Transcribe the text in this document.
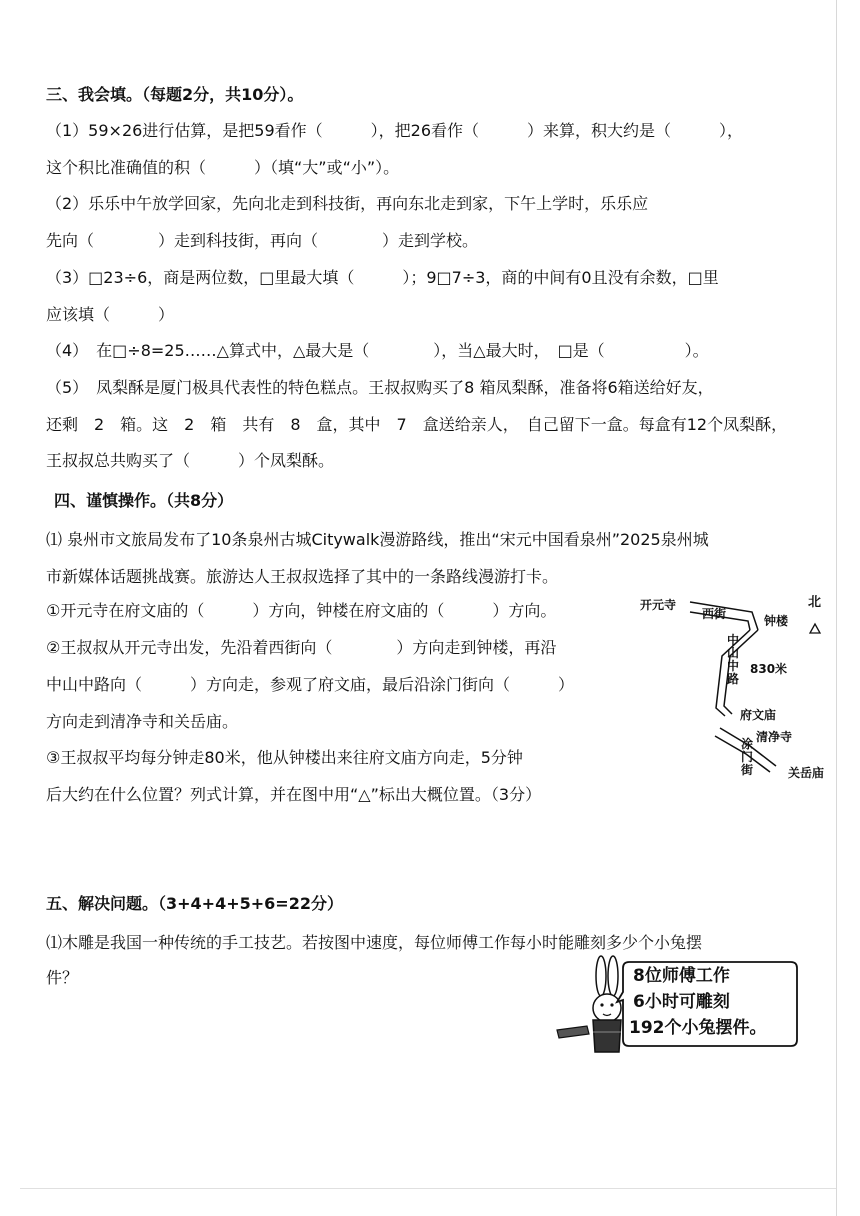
三、我会填。（每题2分，共10分）。
（1）59×26进行估算，是把59看作（　　　），把26看作（　　　）来算，积大约是（　　　），
这个积比准确值的积（　　　）（填“大”或“小”）。
（2）乐乐中午放学回家，先向北走到科技街，再向东北走到家，下午上学时，乐乐应
先向（　　　　）走到科技街，再向（　　　　）走到学校。
（3）□23÷6，商是两位数，□里最大填（　　　）；9□7÷3，商的中间有0且没有余数，□里
应该填（　　　）
（4）　在□÷8=25……△算式中，△最大是（　　　　），当△最大时，　□是（　　　　　）。
（5）　凤梨酥是厦门极具代表性的特色糕点。王叔叔购买了8 箱凤梨酥，准备将6箱送给好友，
还剩　2　箱。这　2　箱　共有　8　盒，其中　7　盒送给亲人，　自己留下一盒。每盒有12个凤梨酥，
王叔叔总共购买了（　　　）个凤梨酥。
四、谨慎操作。（共8分）
⑴ 泉州市文旅局发布了10条泉州古城Citywalk漫游路线，推出“宋元中国看泉州”2025泉州城
市新媒体话题挑战赛。旅游达人王叔叔选择了其中的一条路线漫游打卡。
①开元寺在府文庙的（　　　）方向，钟楼在府文庙的（　　　）方向。
②王叔叔从开元寺出发，先沿着西街向（　　　　）方向走到钟楼，再沿
中山中路向（　　　）方向走，参观了府文庙，最后沿涂门街向（　　　）
方向走到清净寺和关岳庙。
③王叔叔平均每分钟走80米，他从钟楼出来往府文庙方向走，5分钟
后大约在什么位置？列式计算，并在图中用“△”标出大概位置。（3分）
北
开元寺
西街	钟楼
中山中路
830米
府文庙
清净寺
涂门街	关岳庙
五、解决问题。（3+4+4+5+6=22分）
⑴木雕是我国一种传统的手工技艺。若按图中速度，每位师傅工作每小时能雕刻多少个小兔摆
件？	8位师傅工作
6小时可雕刻
192个小兔摆件。
